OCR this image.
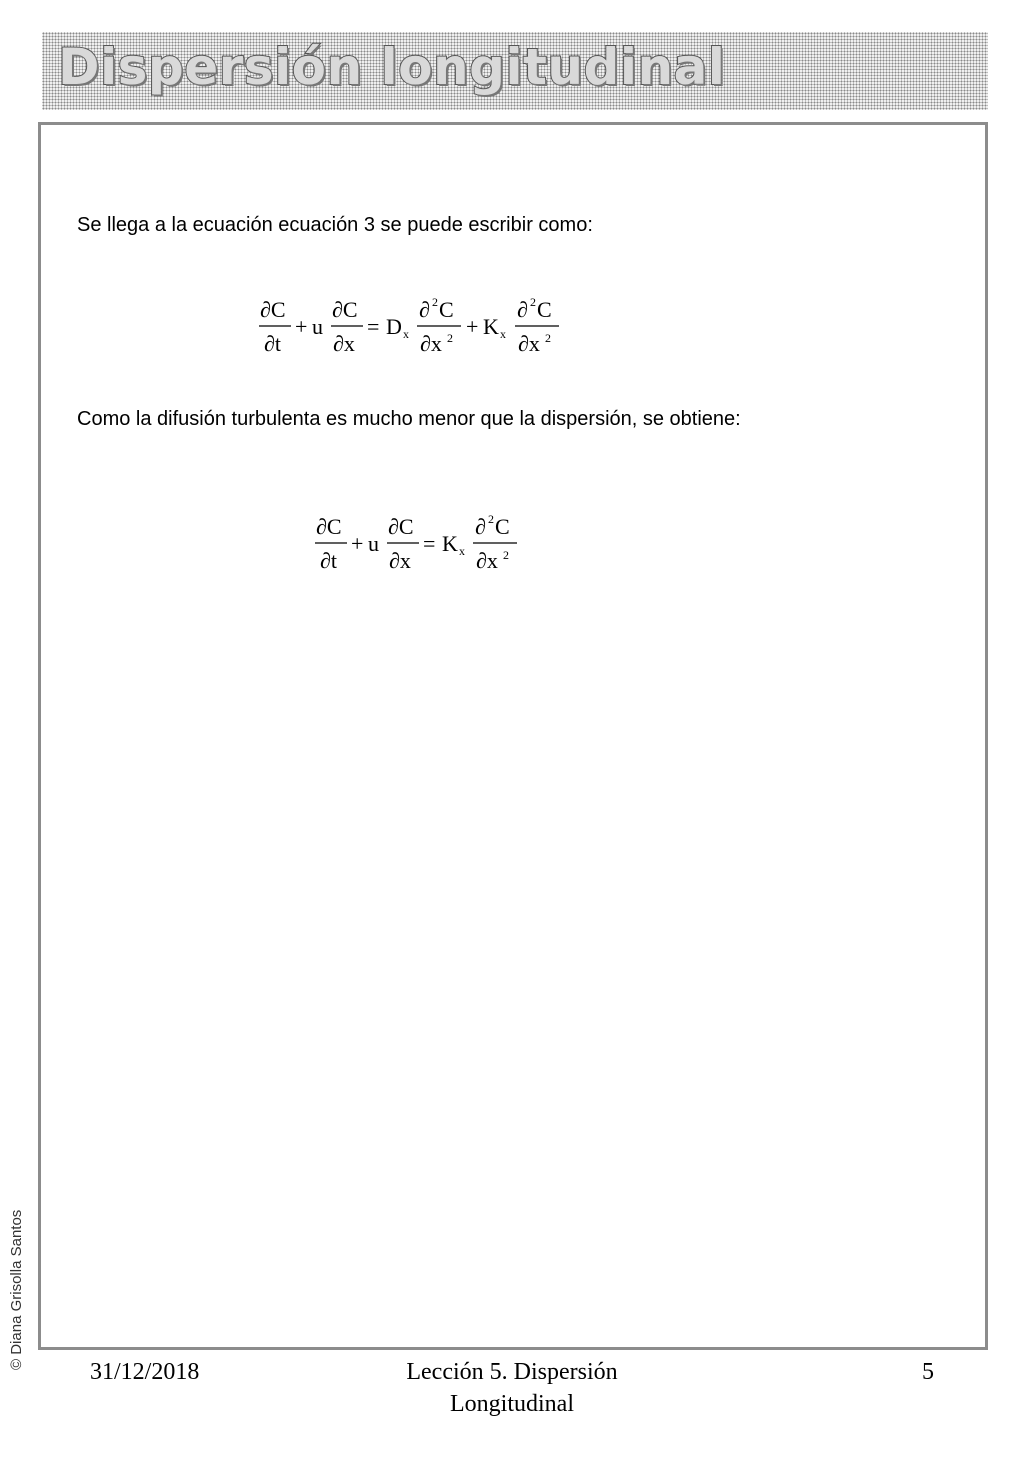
Dispersión longitudinal
Se llega a la ecuación ecuación 3 se puede escribir como:
∂C
∂t
+ u
∂C
∂x
= D x
∂ 2 C
∂x 2 + K x
∂ 2 C
∂x 2
Como la difusión turbulenta es mucho menor que la dispersión, se obtiene:
∂C
∂t
+ u
∂C
∂x
= K x
∂ 2 C
∂x 2
© Diana Grisolla Santos
31/12/2018	Lección 5. Dispersión
Longitudinal
5
